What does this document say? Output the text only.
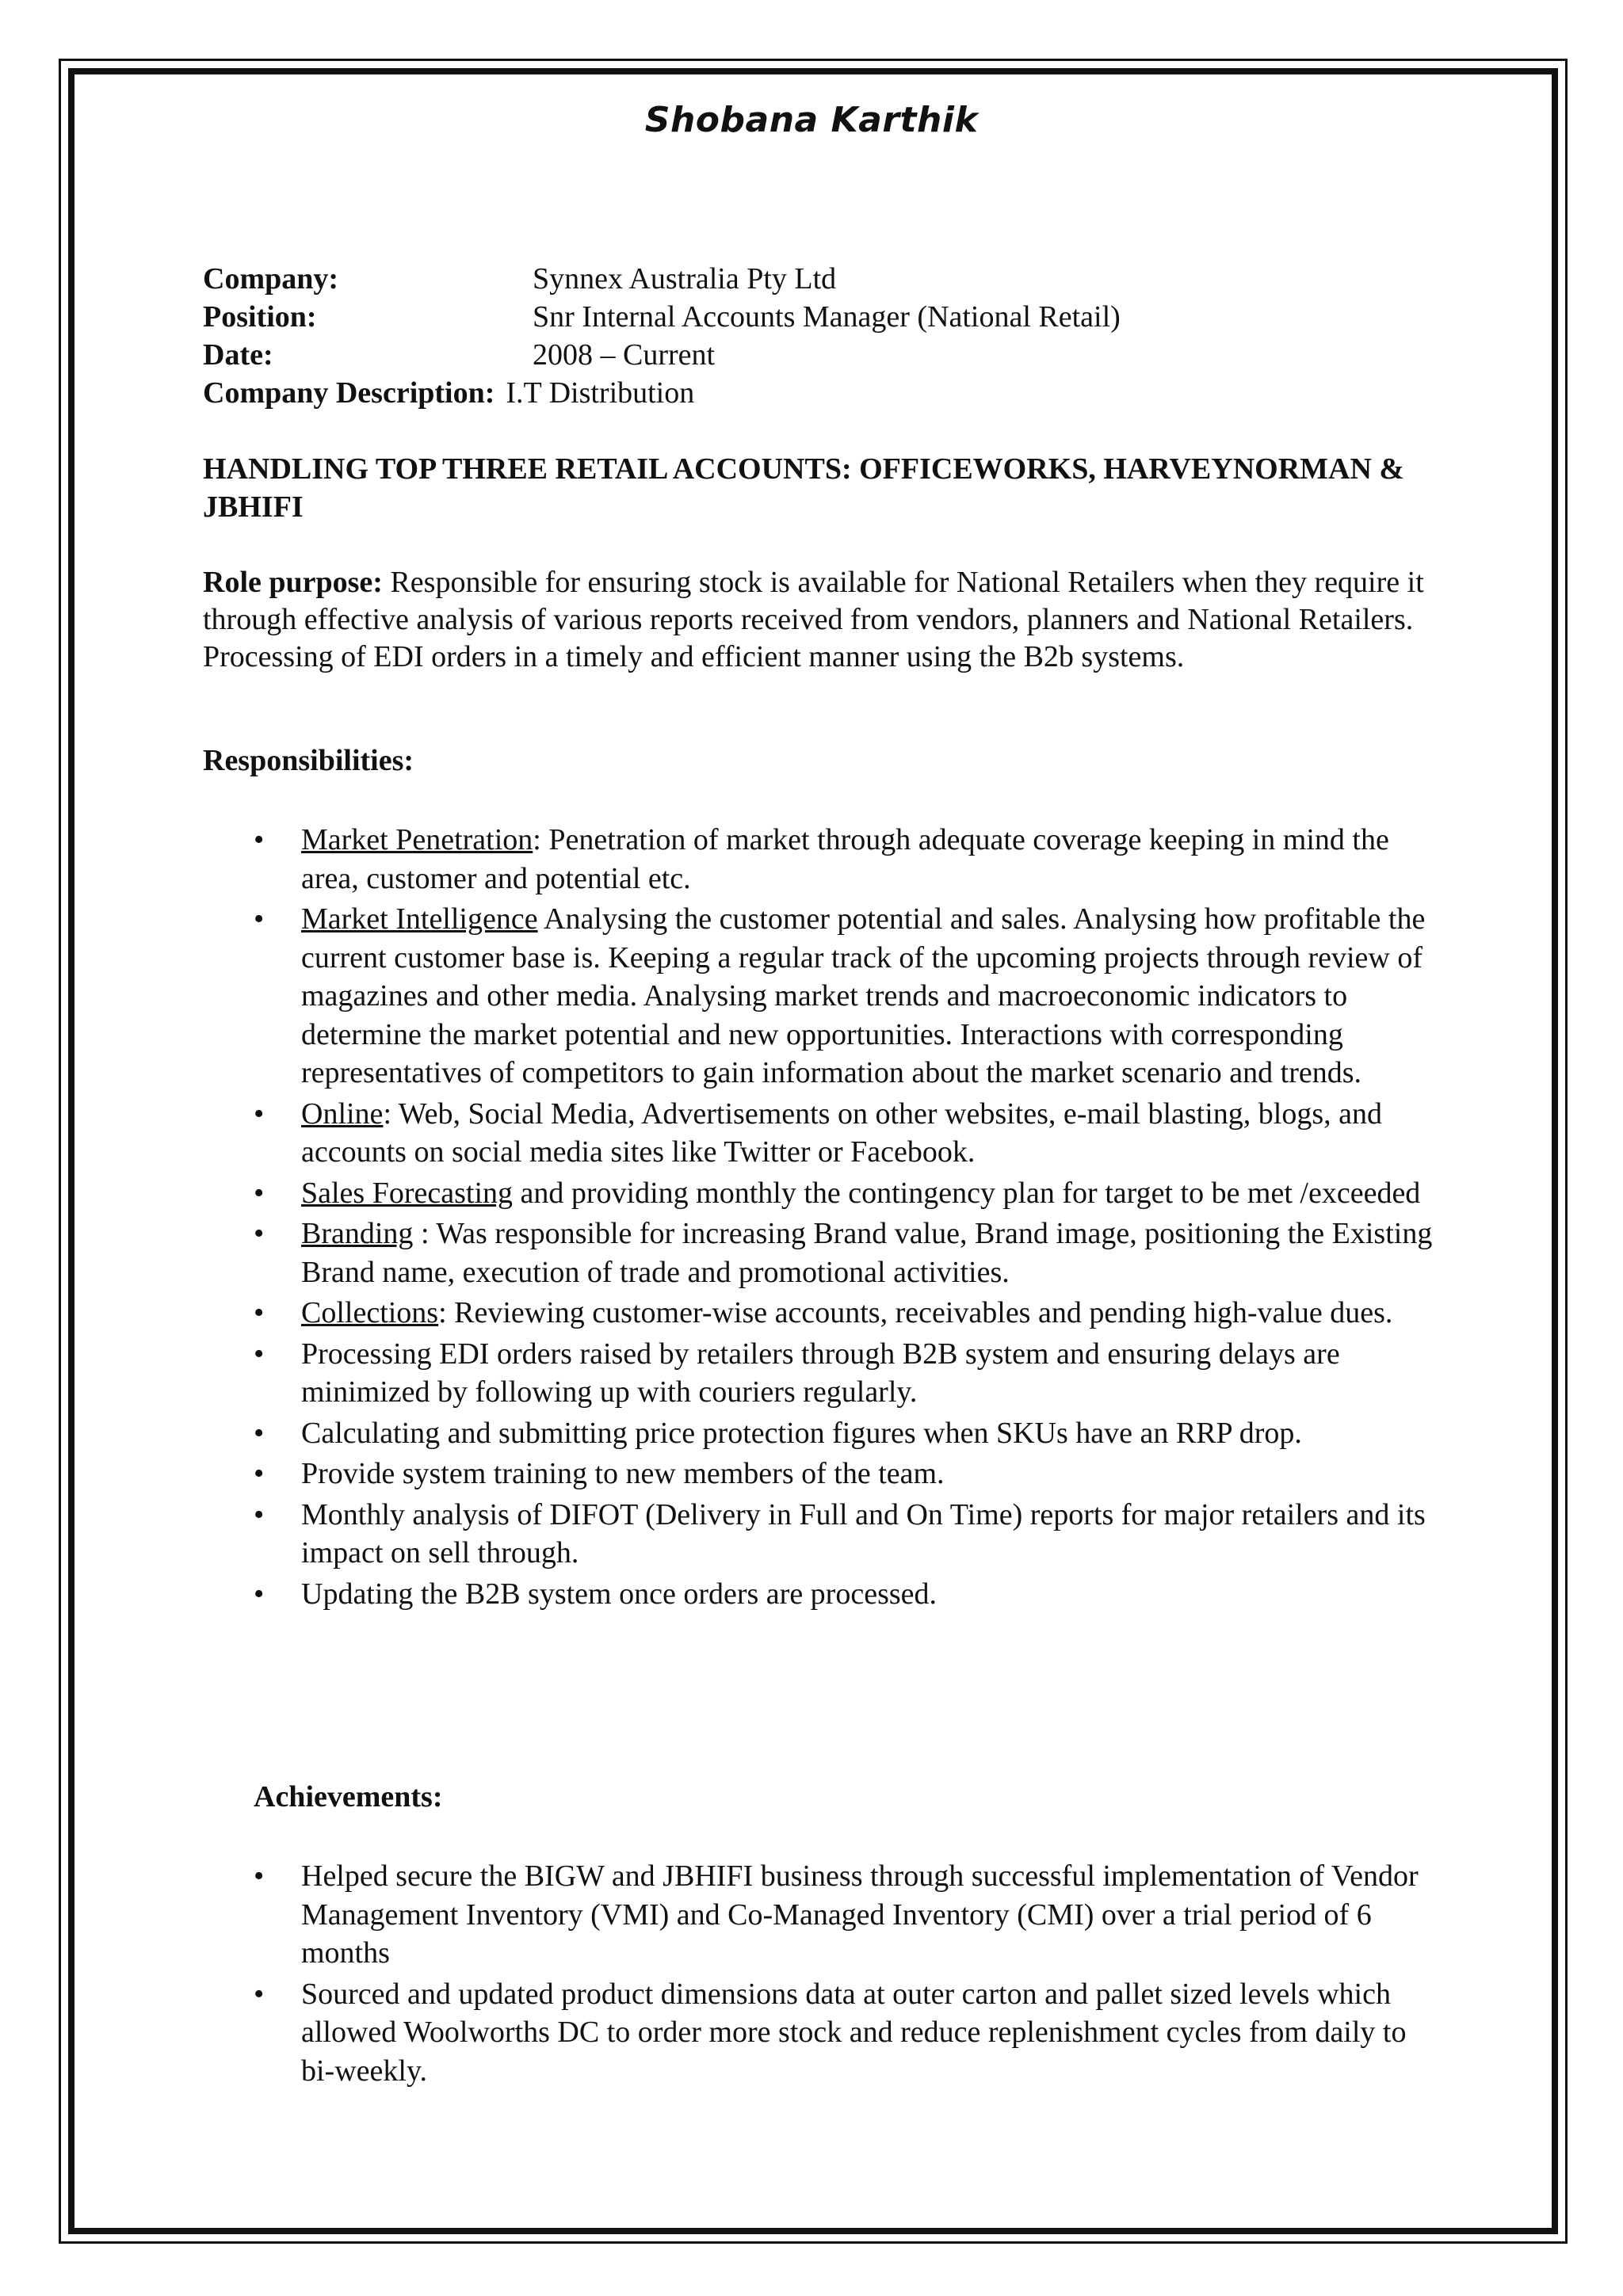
Shobana Karthik
Company:	Synnex Australia Pty Ltd
Position:	Snr Internal Accounts Manager (National Retail)
Date:	2008 – Current
Company Description: I.T Distribution
HANDLING TOP THREE RETAIL ACCOUNTS: OFFICEWORKS, HARVEYNORMAN & JBHIFI
Role purpose: Responsible for ensuring stock is available for National Retailers when they require it through effective analysis of various reports received from vendors, planners and National Retailers. Processing of EDI orders in a timely and efficient manner using the B2b systems.
Responsibilities:
• Market Penetration: Penetration of market through adequate coverage keeping in mind the area, customer and potential etc.
• Market Intelligence Analysing the customer potential and sales. Analysing how profitable the current customer base is. Keeping a regular track of the upcoming projects through review of magazines and other media. Analysing market trends and macroeconomic indicators to determine the market potential and new opportunities. Interactions with corresponding representatives of competitors to gain information about the market scenario and trends.
• Online: Web, Social Media, Advertisements on other websites, e-mail blasting, blogs, and accounts on social media sites like Twitter or Facebook.
• Sales Forecasting and providing monthly the contingency plan for target to be met /exceeded
• Branding : Was responsible for increasing Brand value, Brand image, positioning the Existing Brand name, execution of trade and promotional activities.
• Collections: Reviewing customer-wise accounts, receivables and pending high-value dues.
• Processing EDI orders raised by retailers through B2B system and ensuring delays are minimized by following up with couriers regularly.
• Calculating and submitting price protection figures when SKUs have an RRP drop.
• Provide system training to new members of the team.
• Monthly analysis of DIFOT (Delivery in Full and On Time) reports for major retailers and its impact on sell through.
• Updating the B2B system once orders are processed.
Achievements:
• Helped secure the BIGW and JBHIFI business through successful implementation of Vendor Management Inventory (VMI) and Co-Managed Inventory (CMI) over a trial period of 6 months
• Sourced and updated product dimensions data at outer carton and pallet sized levels which allowed Woolworths DC to order more stock and reduce replenishment cycles from daily to bi-weekly.
